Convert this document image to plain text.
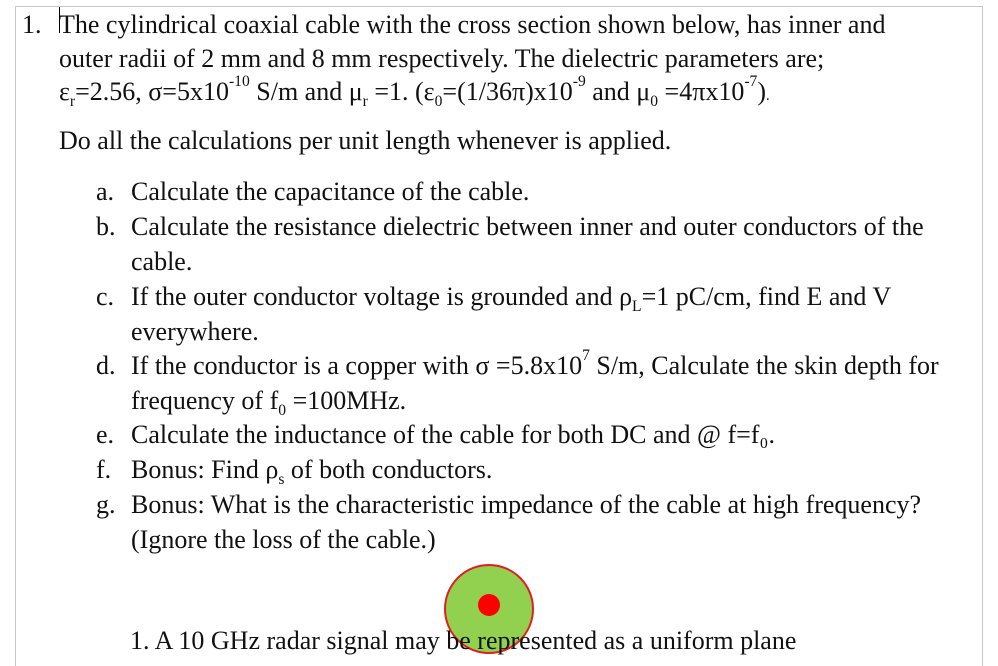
1. The cylindrical coaxial cable with the cross section shown below, has inner and
outer radii of 2 mm and 8 mm respectively. The dielectric parameters are;
$\varepsilon_r=2.56$, $\sigma=5x10^{-10}$ S/m and $\mu_r =1$. ($\varepsilon_0=(1/36\pi)x10^{-9}$ and $\mu_0 =4\pi x10^{-7}$).
Do all the calculations per unit length whenever is applied.
a. Calculate the capacitance of the cable.
b. Calculate the resistance dielectric between inner and outer conductors of the cable.
c. If the outer conductor voltage is grounded and $\rho_L=1$ pC/cm, find E and V everywhere.
d. If the conductor is a copper with $\sigma =5.8x10^7$ S/m, Calculate the skin depth for frequency of $f_0 =100MHz$.
e. Calculate the inductance of the cable for both DC and @ f=f₀.
f. Bonus: Find $\rho_s$ of both conductors.
g. Bonus: What is the characteristic impedance of the cable at high frequency? (Ignore the loss of the cable.)
1. A 10 GHz radar signal may be represented as a uniform plane
